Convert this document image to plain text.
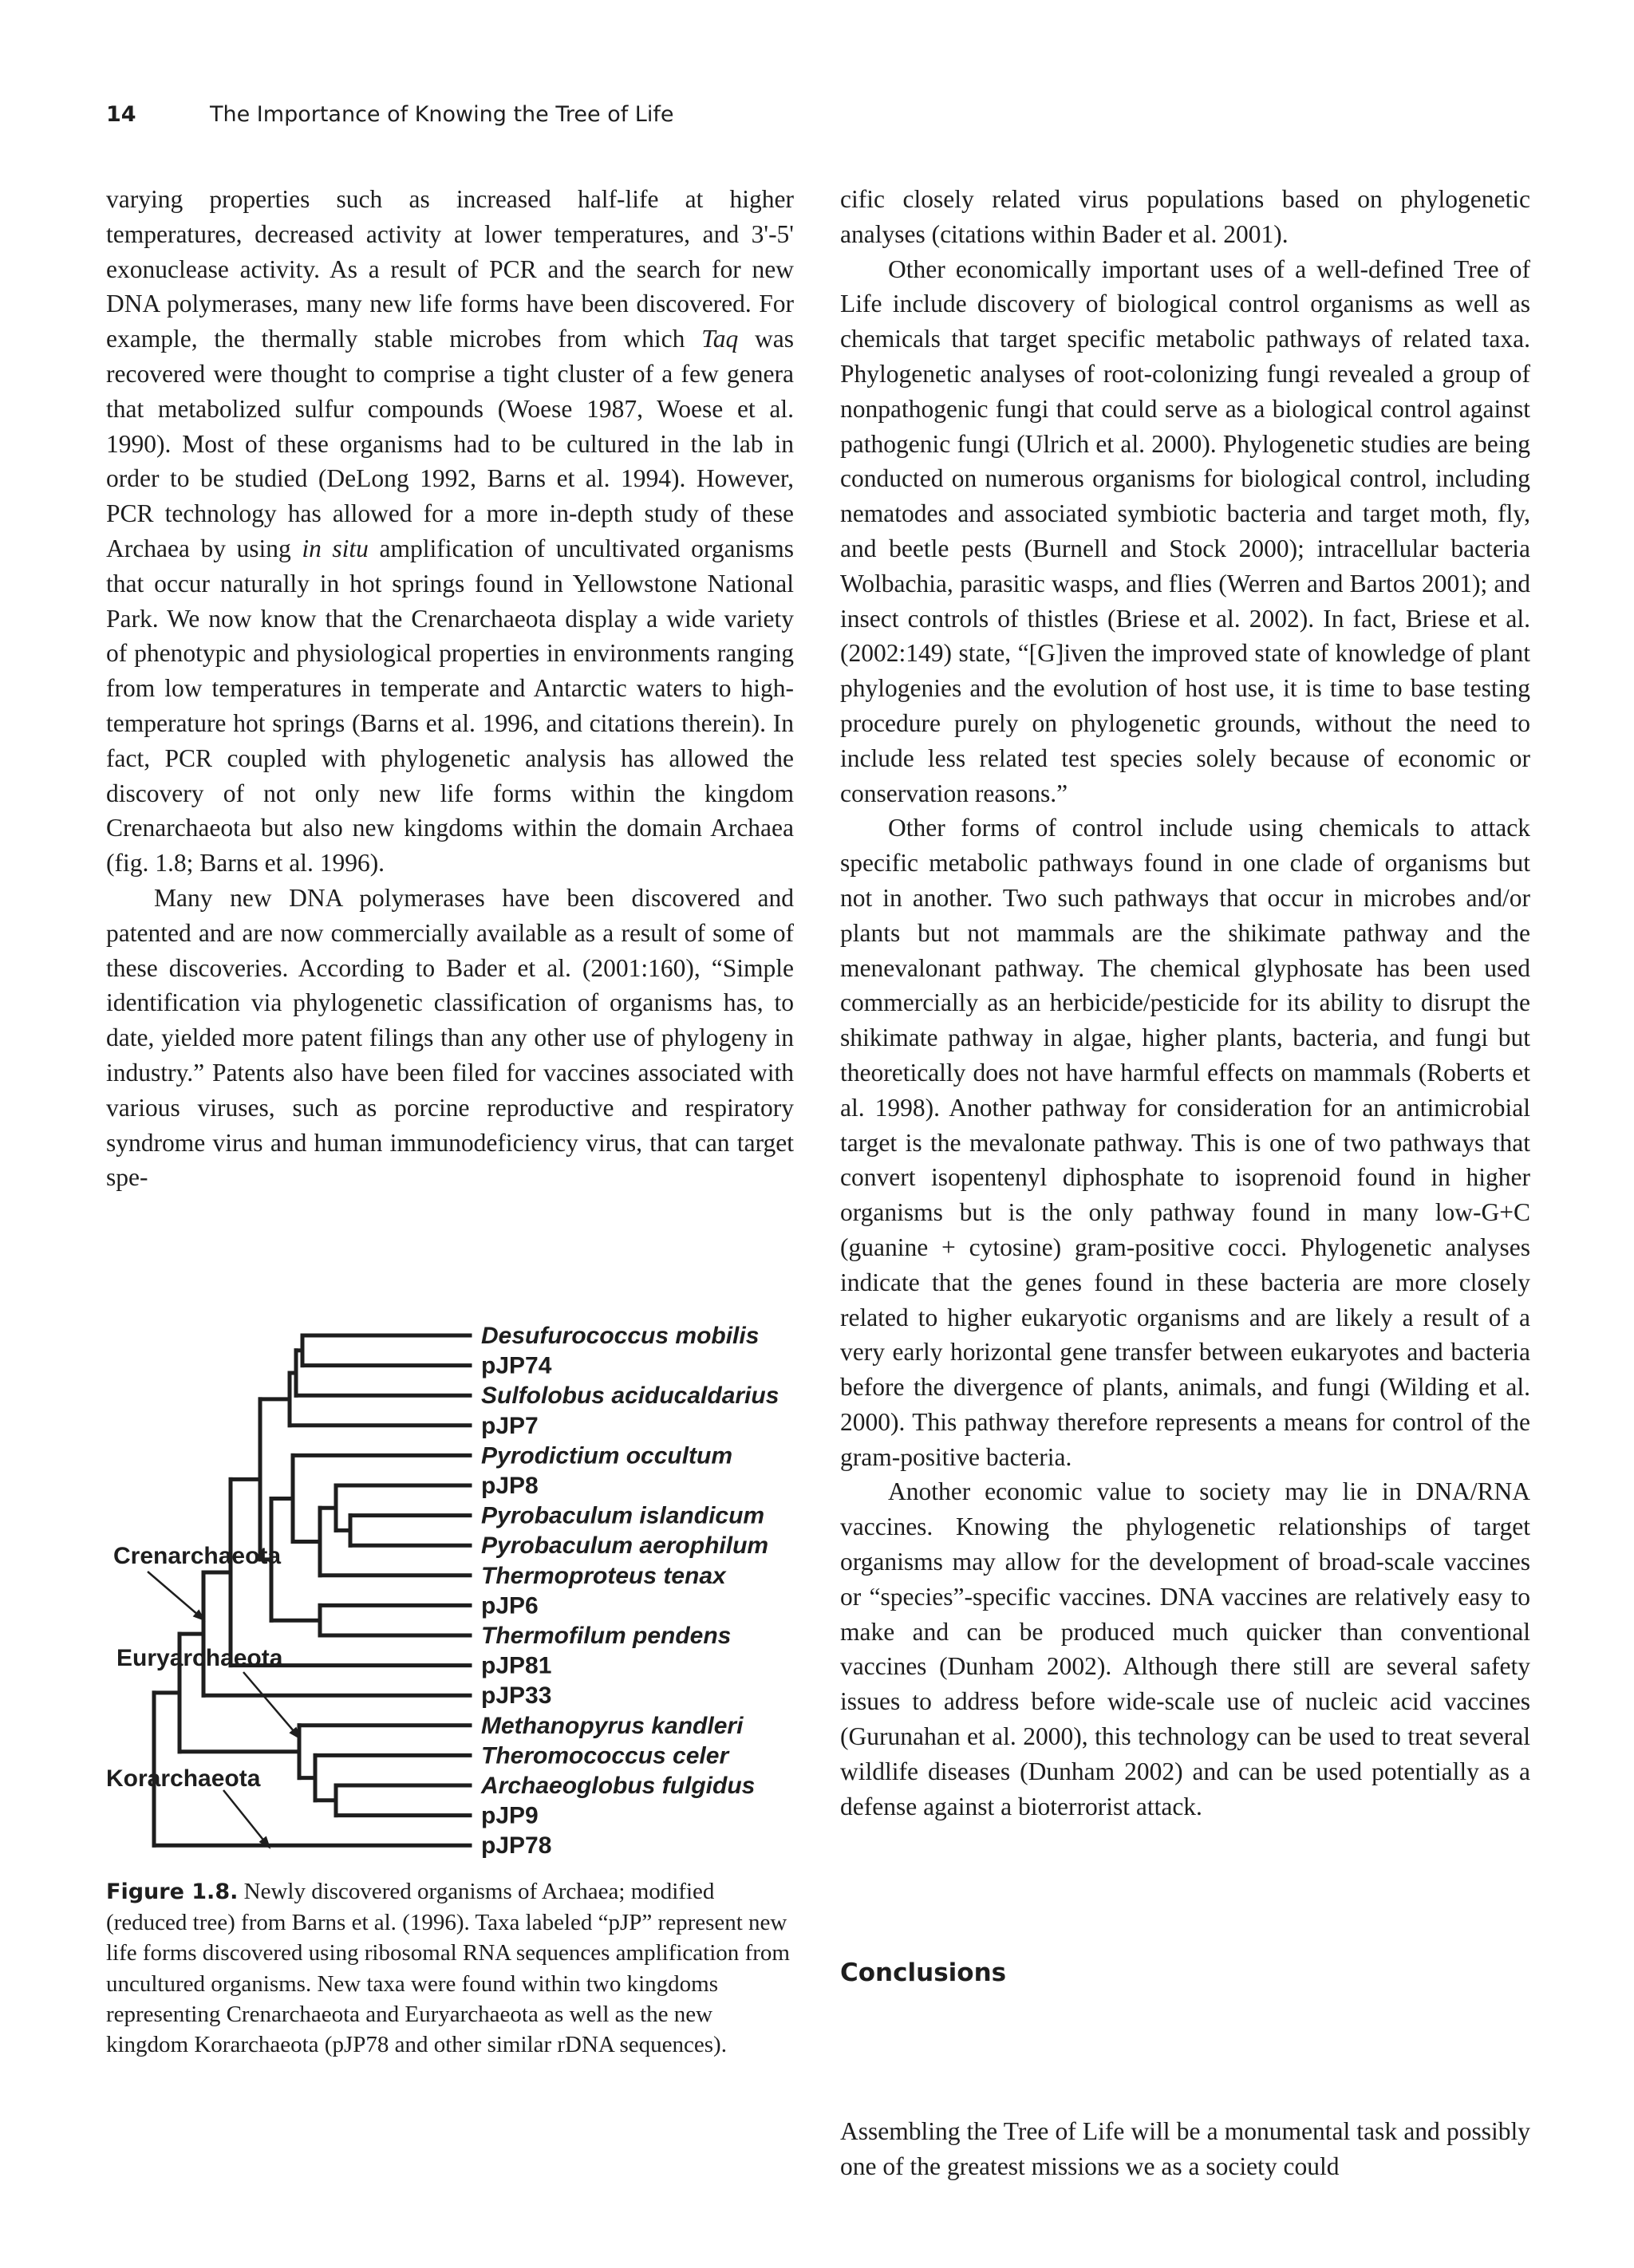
14	The Importance of Knowing the Tree of Life

varying properties such as increased half-life at higher temperatures, decreased activity at lower temperatures, and 3'-5' exonuclease activity. As a result of PCR and the search for new DNA polymerases, many new life forms have been discovered. For example, the thermally stable microbes from which Taq was recovered were thought to comprise a tight cluster of a few genera that metabolized sulfur compounds (Woese 1987, Woese et al. 1990). Most of these organisms had to be cultured in the lab in order to be studied (DeLong 1992, Barns et al. 1994). However, PCR technology has allowed for a more in-depth study of these Archaea by using in situ amplification of uncultivated organisms that occur naturally in hot springs found in Yellowstone National Park. We now know that the Crenarchaeota display a wide variety of phenotypic and physiological properties in environments ranging from low temperatures in temperate and Antarctic waters to high-temperature hot springs (Barns et al. 1996, and citations therein). In fact, PCR coupled with phylogenetic analysis has allowed the discovery of not only new life forms within the kingdom Crenarchaeota but also new kingdoms within the domain Archaea (fig. 1.8; Barns et al. 1996).

Many new DNA polymerases have been discovered and patented and are now commercially available as a result of some of these discoveries. According to Bader et al. (2001:160), “Simple identification via phylogenetic classification of organisms has, to date, yielded more patent filings than any other use of phylogeny in industry.” Patents also have been filed for vaccines associated with various viruses, such as porcine reproductive and respiratory syndrome virus and human immunodeficiency virus, that can target spe-

Desufurococcus mobilis
pJP74
Sulfolobus aciducaldarius
pJP7
Pyrodictium occultum
pJP8
Pyrobaculum islandicum
Pyrobaculum aerophilum
Thermoproteus tenax
pJP6
Thermofilum pendens
pJP81
pJP33
Methanopyrus kandleri
Theromococcus celer
Archaeoglobus fulgidus
pJP9
pJP78
Crenarchaeota
Euryarchaeota
Korarchaeota
Figure 1.8. Newly discovered organisms of Archaea; modified (reduced tree) from Barns et al. (1996). Taxa labeled “pJP” represent new life forms discovered using ribosomal RNA sequences amplification from uncultured organisms. New taxa were found within two kingdoms representing Crenarchaeota and Euryarchaeota as well as the new kingdom Korarchaeota (pJP78 and other similar rDNA sequences).

cific closely related virus populations based on phylogenetic analyses (citations within Bader et al. 2001).

Other economically important uses of a well-defined Tree of Life include discovery of biological control organisms as well as chemicals that target specific metabolic pathways of related taxa. Phylogenetic analyses of root-colonizing fungi revealed a group of nonpathogenic fungi that could serve as a biological control against pathogenic fungi (Ulrich et al. 2000). Phylogenetic studies are being conducted on numerous organisms for biological control, including nematodes and associated symbiotic bacteria and target moth, fly, and beetle pests (Burnell and Stock 2000); intracellular bacteria Wolbachia, parasitic wasps, and flies (Werren and Bartos 2001); and insect controls of thistles (Briese et al. 2002). In fact, Briese et al. (2002:149) state, “[G]iven the improved state of knowledge of plant phylogenies and the evolution of host use, it is time to base testing procedure purely on phylogenetic grounds, without the need to include less related test species solely because of economic or conservation reasons.”

Other forms of control include using chemicals to attack specific metabolic pathways found in one clade of organisms but not in another. Two such pathways that occur in microbes and/or plants but not mammals are the shikimate pathway and the menevalonant pathway. The chemical glyphosate has been used commercially as an herbicide/pesticide for its ability to disrupt the shikimate pathway in algae, higher plants, bacteria, and fungi but theoretically does not have harmful effects on mammals (Roberts et al. 1998). Another pathway for consideration for an antimicrobial target is the mevalonate pathway. This is one of two pathways that convert isopentenyl diphosphate to isoprenoid found in higher organisms but is the only pathway found in many low-G+C (guanine + cytosine) gram-positive cocci. Phylogenetic analyses indicate that the genes found in these bacteria are more closely related to higher eukaryotic organisms and are likely a result of a very early horizontal gene transfer between eukaryotes and bacteria before the divergence of plants, animals, and fungi (Wilding et al. 2000). This pathway therefore represents a means for control of the gram-positive bacteria.

Another economic value to society may lie in DNA/RNA vaccines. Knowing the phylogenetic relationships of target organisms may allow for the development of broad-scale vaccines or “species”-specific vaccines. DNA vaccines are relatively easy to make and can be produced much quicker than conventional vaccines (Dunham 2002). Although there still are several safety issues to address before wide-scale use of nucleic acid vaccines (Gurunahan et al. 2000), this technology can be used to treat several wildlife diseases (Dunham 2002) and can be used potentially as a defense against a bioterrorist attack.

Conclusions

Assembling the Tree of Life will be a monumental task and possibly one of the greatest missions we as a society could
